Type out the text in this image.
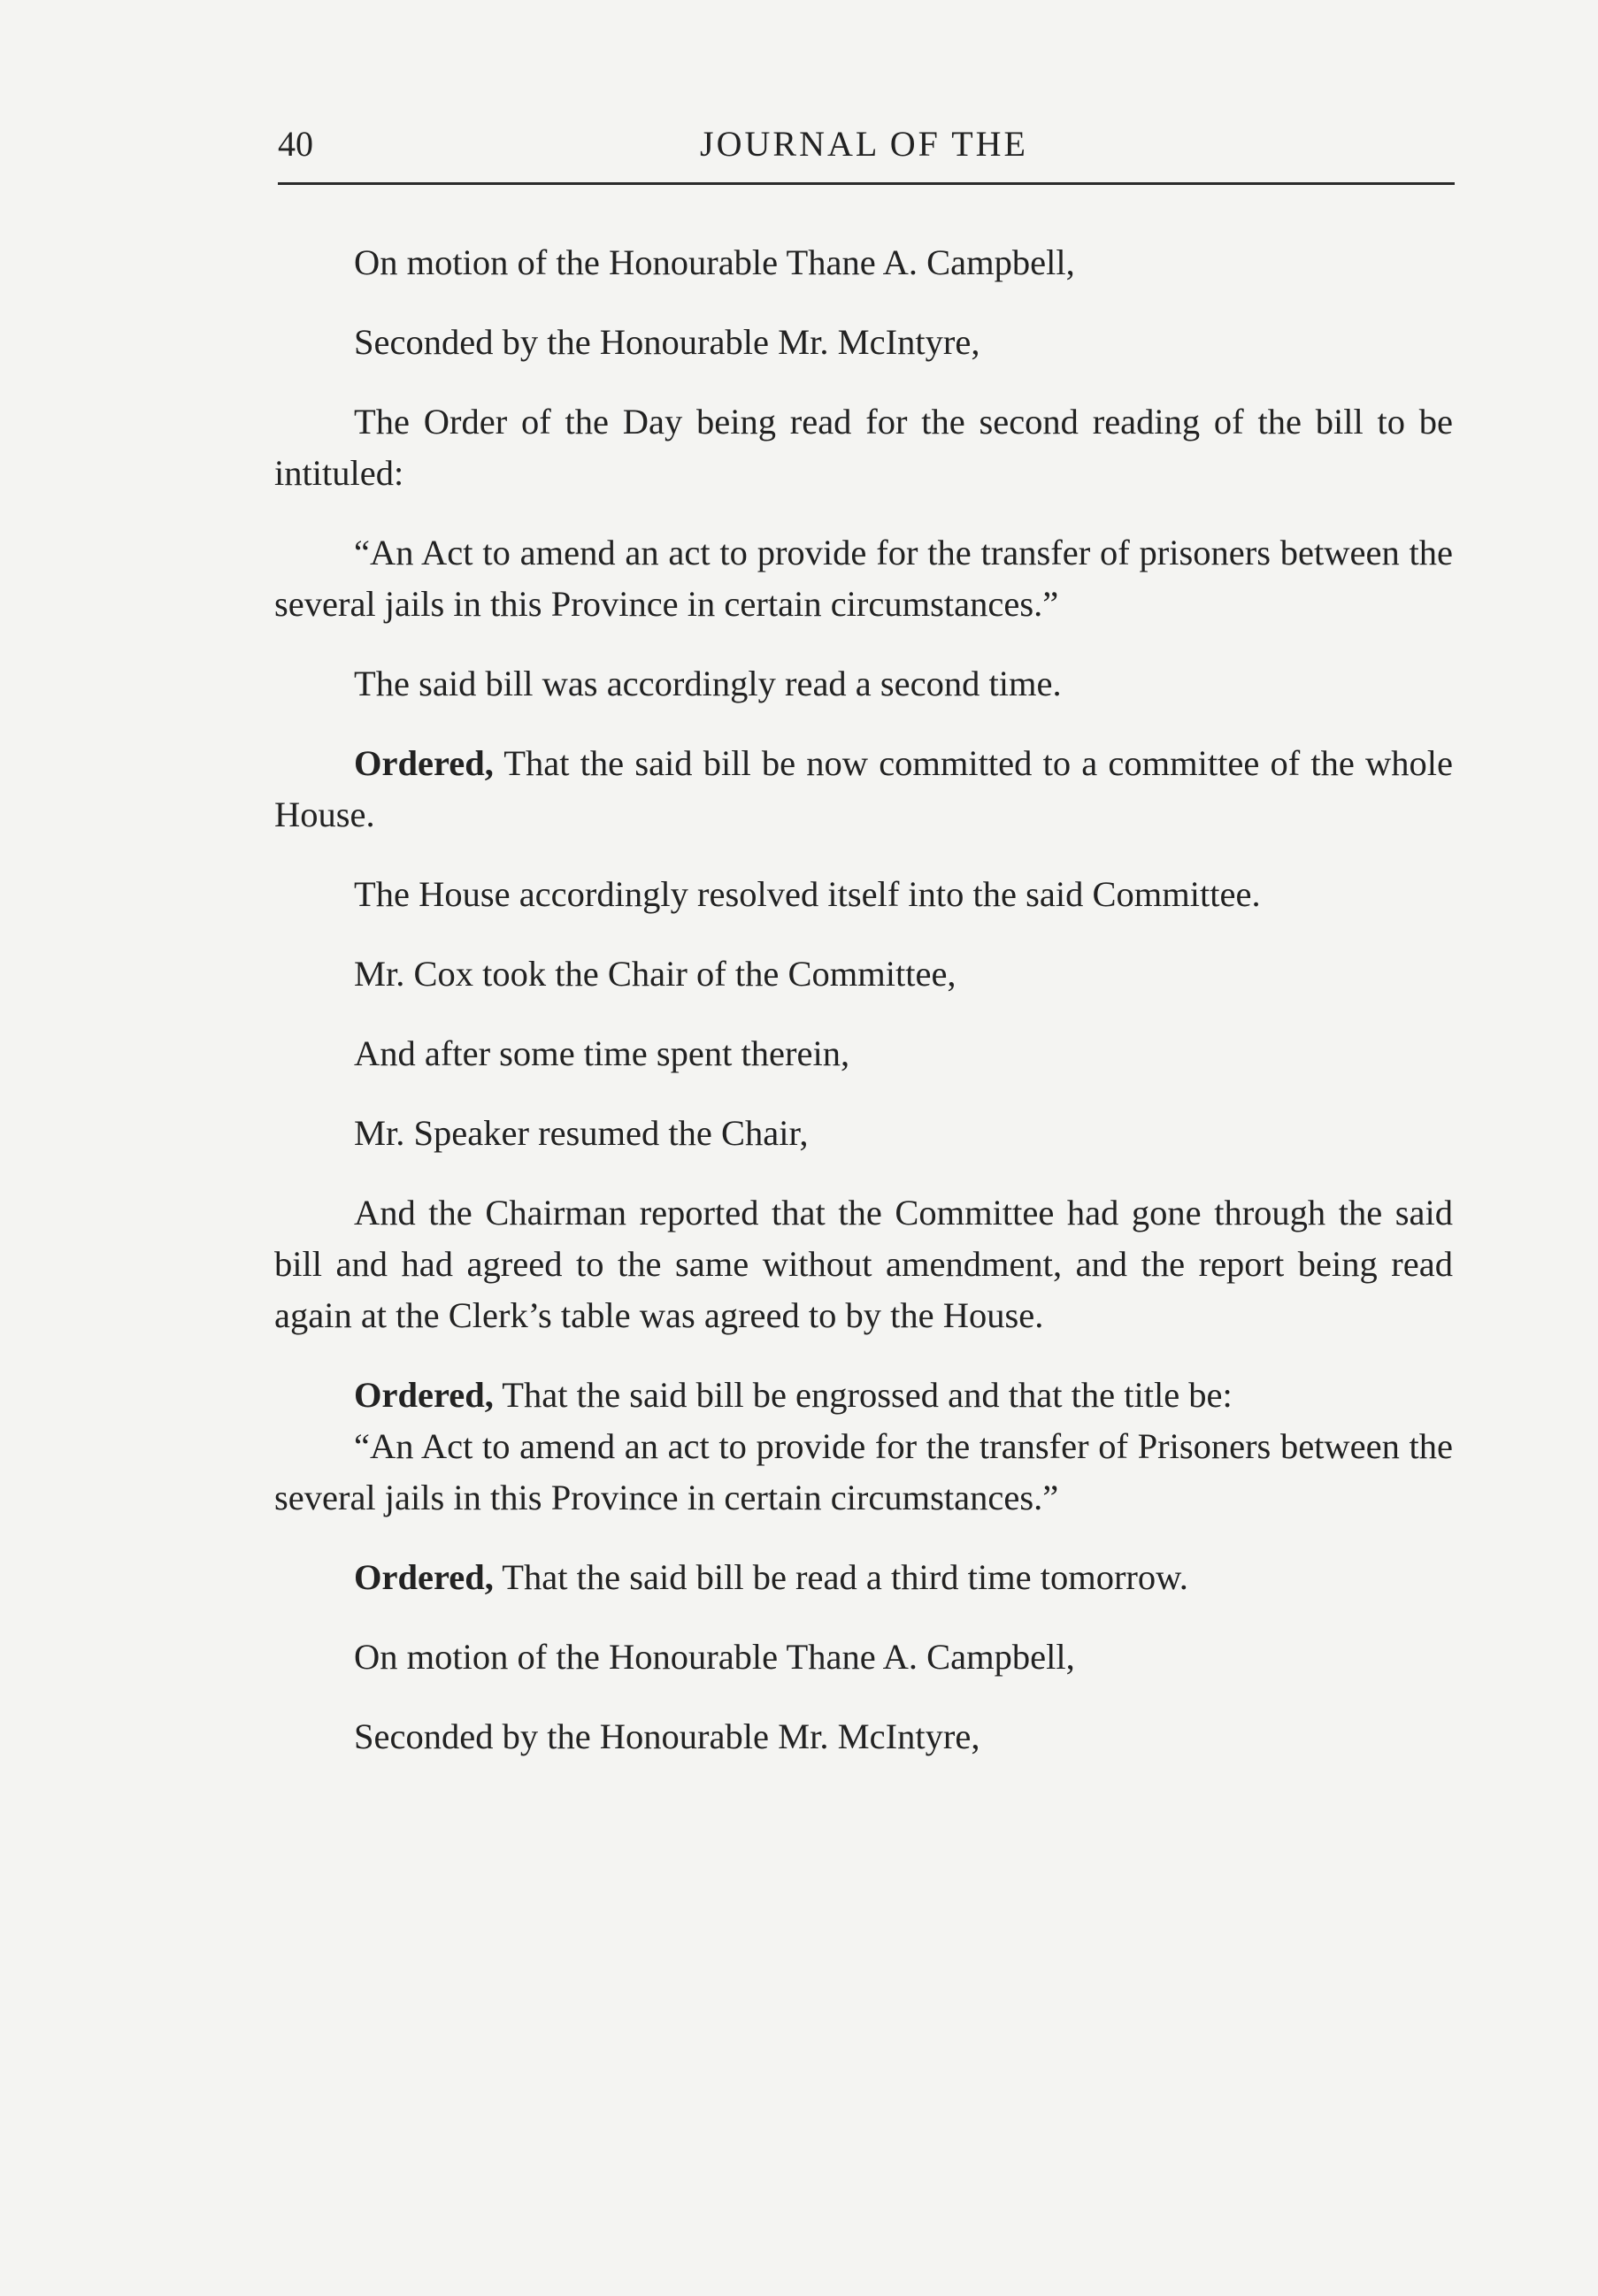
40	JOURNAL OF THE

On motion of the Honourable Thane A. Campbell,

Seconded by the Honourable Mr. McIntyre,

The Order of the Day being read for the second reading of the bill to be intituled:

“An Act to amend an act to provide for the transfer of prisoners between the several jails in this Province in certain circumstances.”

The said bill was accordingly read a second time.

Ordered, That the said bill be now committed to a committee of the whole House.

The House accordingly resolved itself into the said Committee.

Mr. Cox took the Chair of the Committee,

And after some time spent therein,

Mr. Speaker resumed the Chair,

And the Chairman reported that the Committee had gone through the said bill and had agreed to the same without amendment, and the report being read again at the Clerk’s table was agreed to by the House.

Ordered, That the said bill be engrossed and that the title be:

“An Act to amend an act to provide for the transfer of Prisoners between the several jails in this Province in certain circumstances.”

Ordered, That the said bill be read a third time tomorrow.

On motion of the Honourable Thane A. Campbell,

Seconded by the Honourable Mr. McIntyre,
